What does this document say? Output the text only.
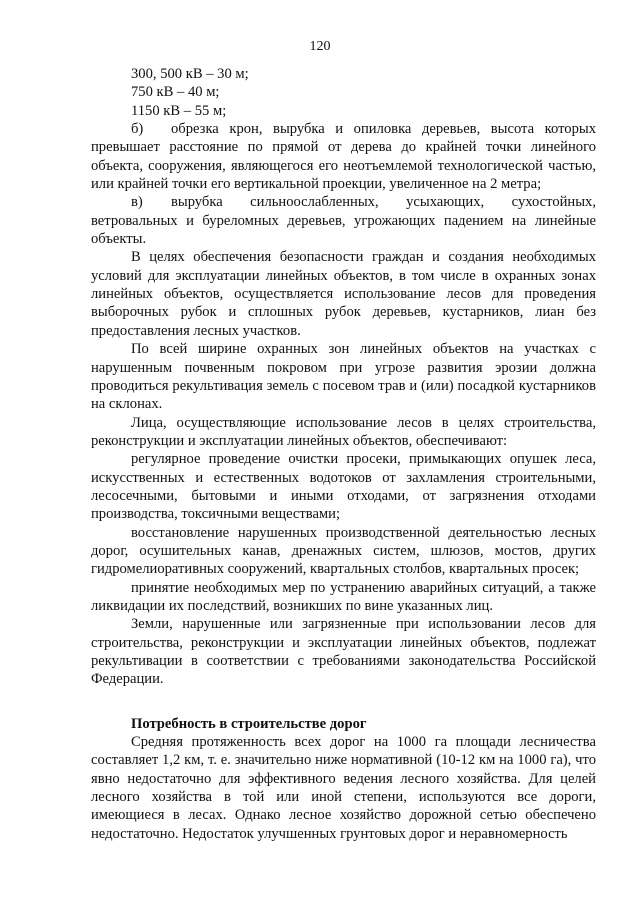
120

300, 500 кВ – 30 м;

750 кВ – 40 м;

1150 кВ – 55 м;

б) обрезка крон, вырубка и опиловка деревьев, высота которых превышает расстояние по прямой от дерева до крайней точки линейного объекта, сооружения, являющегося его неотъемлемой технологической частью, или крайней точки его вертикальной проекции, увеличенное на 2 метра;

в) вырубка сильноослабленных, усыхающих, сухостойных, ветровальных и буреломных деревьев, угрожающих падением на линейные объекты.

В целях обеспечения безопасности граждан и создания необходимых условий для эксплуатации линейных объектов, в том числе в охранных зонах линейных объектов, осуществляется использование лесов для проведения выборочных рубок и сплошных рубок деревьев, кустарников, лиан без предоставления лесных участков.

По всей ширине охранных зон линейных объектов на участках с нарушенным почвенным покровом при угрозе развития эрозии должна проводиться рекультивация земель с посевом трав и (или) посадкой кустарников на склонах.

Лица, осуществляющие использование лесов в целях строительства, реконструкции и эксплуатации линейных объектов, обеспечивают:

регулярное проведение очистки просеки, примыкающих опушек леса, искусственных и естественных водотоков от захламления строительными, лесосечными, бытовыми и иными отходами, от загрязнения отходами производства, токсичными веществами;

восстановление нарушенных производственной деятельностью лесных дорог, осушительных канав, дренажных систем, шлюзов, мостов, других гидромелиоративных сооружений, квартальных столбов, квартальных просек;

принятие необходимых мер по устранению аварийных ситуаций, а также ликвидации их последствий, возникших по вине указанных лиц.

Земли, нарушенные или загрязненные при использовании лесов для строительства, реконструкции и эксплуатации линейных объектов, подлежат рекультивации в соответствии с требованиями законодательства Российской Федерации.

Потребность в строительстве дорог

Средняя протяженность всех дорог на 1000 га площади лесничества составляет 1,2 км, т. е. значительно ниже нормативной (10-12 км на 1000 га), что явно недостаточно для эффективного ведения лесного хозяйства. Для целей лесного хозяйства в той или иной степени, используются все дороги, имеющиеся в лесах. Однако лесное хозяйство дорожной сетью обеспечено недостаточно. Недостаток улучшенных грунтовых дорог и неравномерность
